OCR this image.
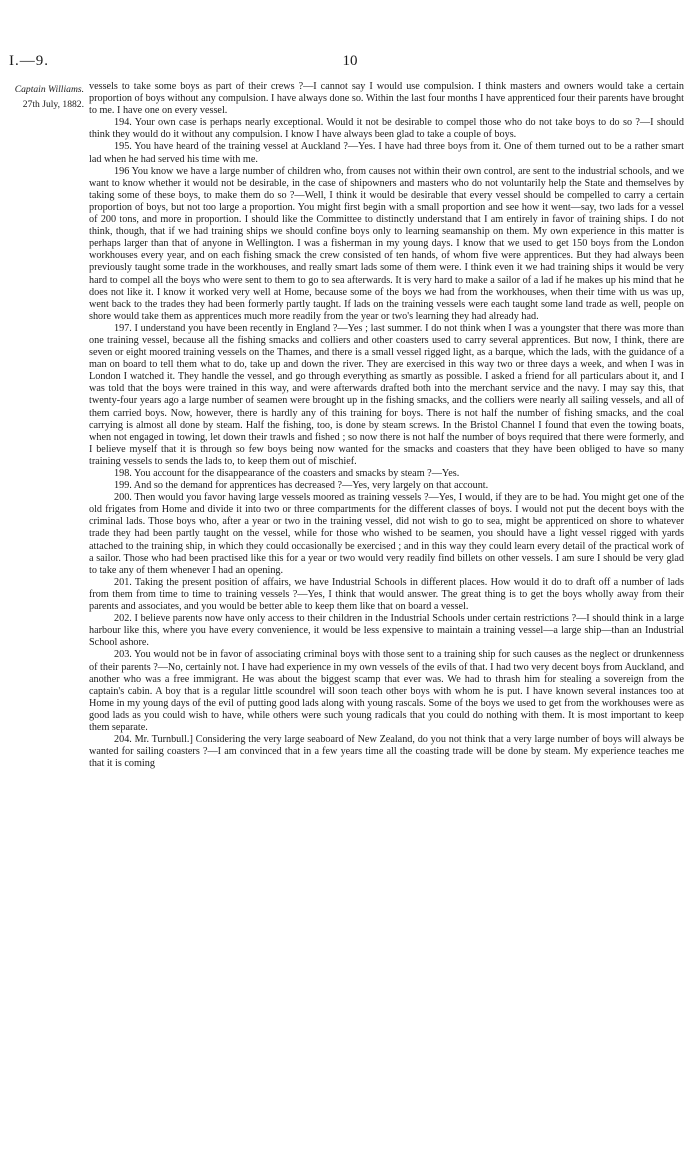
I.—9.	10
Captain Williams.
27th July, 1882.

vessels to take some boys as part of their crews ?—I cannot say I would use compulsion. I think masters and owners would take a certain proportion of boys without any compulsion. I have always done so. Within the last four months I have apprenticed four their parents have brought to me. I have one on every vessel.

194. Your own case is perhaps nearly exceptional. Would it not be desirable to compel those who do not take boys to do so ?—I should think they would do it without any compulsion. I know I have always been glad to take a couple of boys.

195. You have heard of the training vessel at Auckland ?—Yes. I have had three boys from it. One of them turned out to be a rather smart lad when he had served his time with me.

196 You know we have a large number of children who, from causes not within their own control, are sent to the industrial schools, and we want to know whether it would not be desirable, in the case of shipowners and masters who do not voluntarily help the State and themselves by taking some of these boys, to make them do so ?—Well, I think it would be desirable that every vessel should be compelled to carry a certain proportion of boys, but not too large a proportion. You might first begin with a small proportion and see how it went—say, two lads for a vessel of 200 tons, and more in proportion. I should like the Committee to distinctly understand that I am entirely in favor of training ships. I do not think, though, that if we had training ships we should confine boys only to learning seamanship on them. My own experience in this matter is perhaps larger than that of anyone in Wellington. I was a fisherman in my young days. I know that we used to get 150 boys from the London workhouses every year, and on each fishing smack the crew consisted of ten hands, of whom five were apprentices. But they had always been previously taught some trade in the workhouses, and really smart lads some of them were. I think even it we had training ships it would be very hard to compel all the boys who were sent to them to go to sea afterwards. It is very hard to make a sailor of a lad if he makes up his mind that he does not like it. I know it worked very well at Home, because some of the boys we had from the workhouses, when their time with us was up, went back to the trades they had been formerly partly taught. If lads on the training vessels were each taught some land trade as well, people on shore would take them as apprentices much more readily from the year or two's learning they had already had.

197. I understand you have been recently in England ?—Yes ; last summer. I do not think when I was a youngster that there was more than one training vessel, because all the fishing smacks and colliers and other coasters used to carry several apprentices. But now, I think, there are seven or eight moored training vessels on the Thames, and there is a small vessel rigged light, as a barque, which the lads, with the guidance of a man on board to tell them what to do, take up and down the river. They are exercised in this way two or three days a week, and when I was in London I watched it. They handle the vessel, and go through everything as smartly as possible. I asked a friend for all particulars about it, and I was told that the boys were trained in this way, and were afterwards drafted both into the merchant service and the navy. I may say this, that twenty-four years ago a large number of seamen were brought up in the fishing smacks, and the colliers were nearly all sailing vessels, and all of them carried boys. Now, however, there is hardly any of this training for boys. There is not half the number of fishing smacks, and the coal carrying is almost all done by steam. Half the fishing, too, is done by steam screws. In the Bristol Channel I found that even the towing boats, when not engaged in towing, let down their trawls and fished ; so now there is not half the number of boys required that there were formerly, and I believe myself that it is through so few boys being now wanted for the smacks and coasters that they have been obliged to have so many training vessels to sends the lads to, to keep them out of mischief.

198. You account for the disappearance of the coasters and smacks by steam ?—Yes.

199. And so the demand for apprentices has decreased ?—Yes, very largely on that account.

200. Then would you favor having large vessels moored as training vessels ?—Yes, I would, if they are to be had. You might get one of the old frigates from Home and divide it into two or three compartments for the different classes of boys. I would not put the decent boys with the criminal lads. Those boys who, after a year or two in the training vessel, did not wish to go to sea, might be apprenticed on shore to whatever trade they had been partly taught on the vessel, while for those who wished to be seamen, you should have a light vessel rigged with yards attached to the training ship, in which they could occasionally be exercised ; and in this way they could learn every detail of the practical work of a sailor. Those who had been practised like this for a year or two would very readily find billets on other vessels. I am sure I should be very glad to take any of them whenever I had an opening.

201. Taking the present position of affairs, we have Industrial Schools in different places. How would it do to draft off a number of lads from them from time to time to training vessels ?—Yes, I think that would answer. The great thing is to get the boys wholly away from their parents and associates, and you would be better able to keep them like that on board a vessel.

202. I believe parents now have only access to their children in the Industrial Schools under certain restrictions ?—I should think in a large harbour like this, where you have every convenience, it would be less expensive to maintain a training vessel—a large ship—than an Industrial School ashore.

203. You would not be in favor of associating criminal boys with those sent to a training ship for such causes as the neglect or drunkenness of their parents ?—No, certainly not. I have had experience in my own vessels of the evils of that. I had two very decent boys from Auckland, and another who was a free immigrant. He was about the biggest scamp that ever was. We had to thrash him for stealing a sovereign from the captain's cabin. A boy that is a regular little scoundrel will soon teach other boys with whom he is put. I have known several instances too at Home in my young days of the evil of putting good lads along with young rascals. Some of the boys we used to get from the workhouses were as good lads as you could wish to have, while others were such young radicals that you could do nothing with them. It is most important to keep them separate.

204. Mr. Turnbull.] Considering the very large seaboard of New Zealand, do you not think that a very large number of boys will always be wanted for sailing coasters ?—I am convinced that in a few years time all the coasting trade will be done by steam. My experience teaches me that it is coming
